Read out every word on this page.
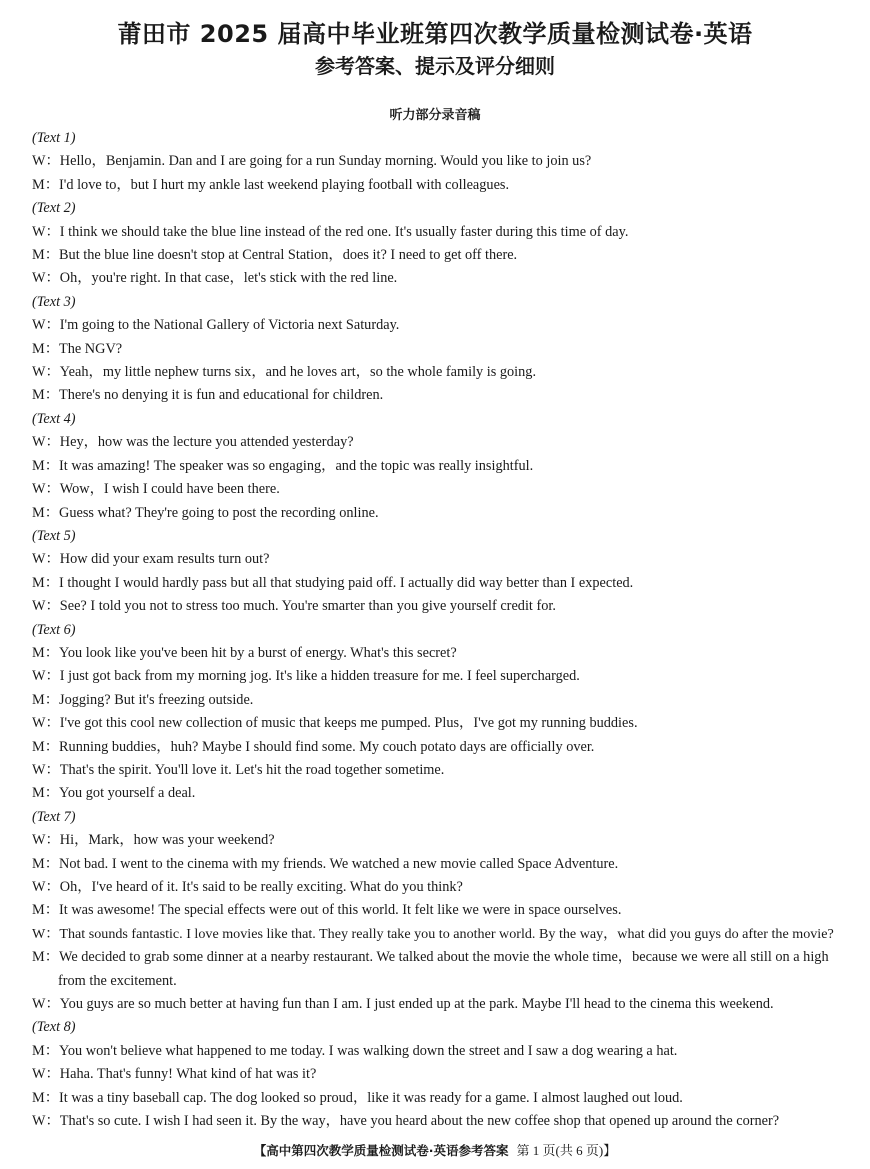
莆田市 2025 届高中毕业班第四次教学质量检测试卷·英语
参考答案、提示及评分细则
听力部分录音稿
(Text 1)
W：Hello，Benjamin. Dan and I are going for a run Sunday morning. Would you like to join us?
M：I'd love to，but I hurt my ankle last weekend playing football with colleagues.
(Text 2)
W：I think we should take the blue line instead of the red one. It's usually faster during this time of day.
M：But the blue line doesn't stop at Central Station，does it? I need to get off there.
W：Oh，you're right. In that case，let's stick with the red line.
(Text 3)
W：I'm going to the National Gallery of Victoria next Saturday.
M：The NGV?
W：Yeah，my little nephew turns six，and he loves art，so the whole family is going.
M：There's no denying it is fun and educational for children.
(Text 4)
W：Hey，how was the lecture you attended yesterday?
M：It was amazing! The speaker was so engaging，and the topic was really insightful.
W：Wow，I wish I could have been there.
M：Guess what? They're going to post the recording online.
(Text 5)
W：How did your exam results turn out?
M：I thought I would hardly pass but all that studying paid off. I actually did way better than I expected.
W：See? I told you not to stress too much. You're smarter than you give yourself credit for.
(Text 6)
M：You look like you've been hit by a burst of energy. What's this secret?
W：I just got back from my morning jog. It's like a hidden treasure for me. I feel supercharged.
M：Jogging? But it's freezing outside.
W：I've got this cool new collection of music that keeps me pumped. Plus，I've got my running buddies.
M：Running buddies，huh? Maybe I should find some. My couch potato days are officially over.
W：That's the spirit. You'll love it. Let's hit the road together sometime.
M：You got yourself a deal.
(Text 7)
W：Hi，Mark，how was your weekend?
M：Not bad. I went to the cinema with my friends. We watched a new movie called Space Adventure.
W：Oh，I've heard of it. It's said to be really exciting. What do you think?
M：It was awesome! The special effects were out of this world. It felt like we were in space ourselves.
W：That sounds fantastic. I love movies like that. They really take you to another world. By the way，what did you guys do after the movie?
M：We decided to grab some dinner at a nearby restaurant. We talked about the movie the whole time，because we were all still on a high from the excitement.
W：You guys are so much better at having fun than I am. I just ended up at the park. Maybe I'll head to the cinema this weekend.
(Text 8)
M：You won't believe what happened to me today. I was walking down the street and I saw a dog wearing a hat.
W：Haha. That's funny! What kind of hat was it?
M：It was a tiny baseball cap. The dog looked so proud，like it was ready for a game. I almost laughed out loud.
W：That's so cute. I wish I had seen it. By the way，have you heard about the new coffee shop that opened up around the corner?
【高中第四次教学质量检测试卷·英语参考答案 第 1 页(共 6 页)】
